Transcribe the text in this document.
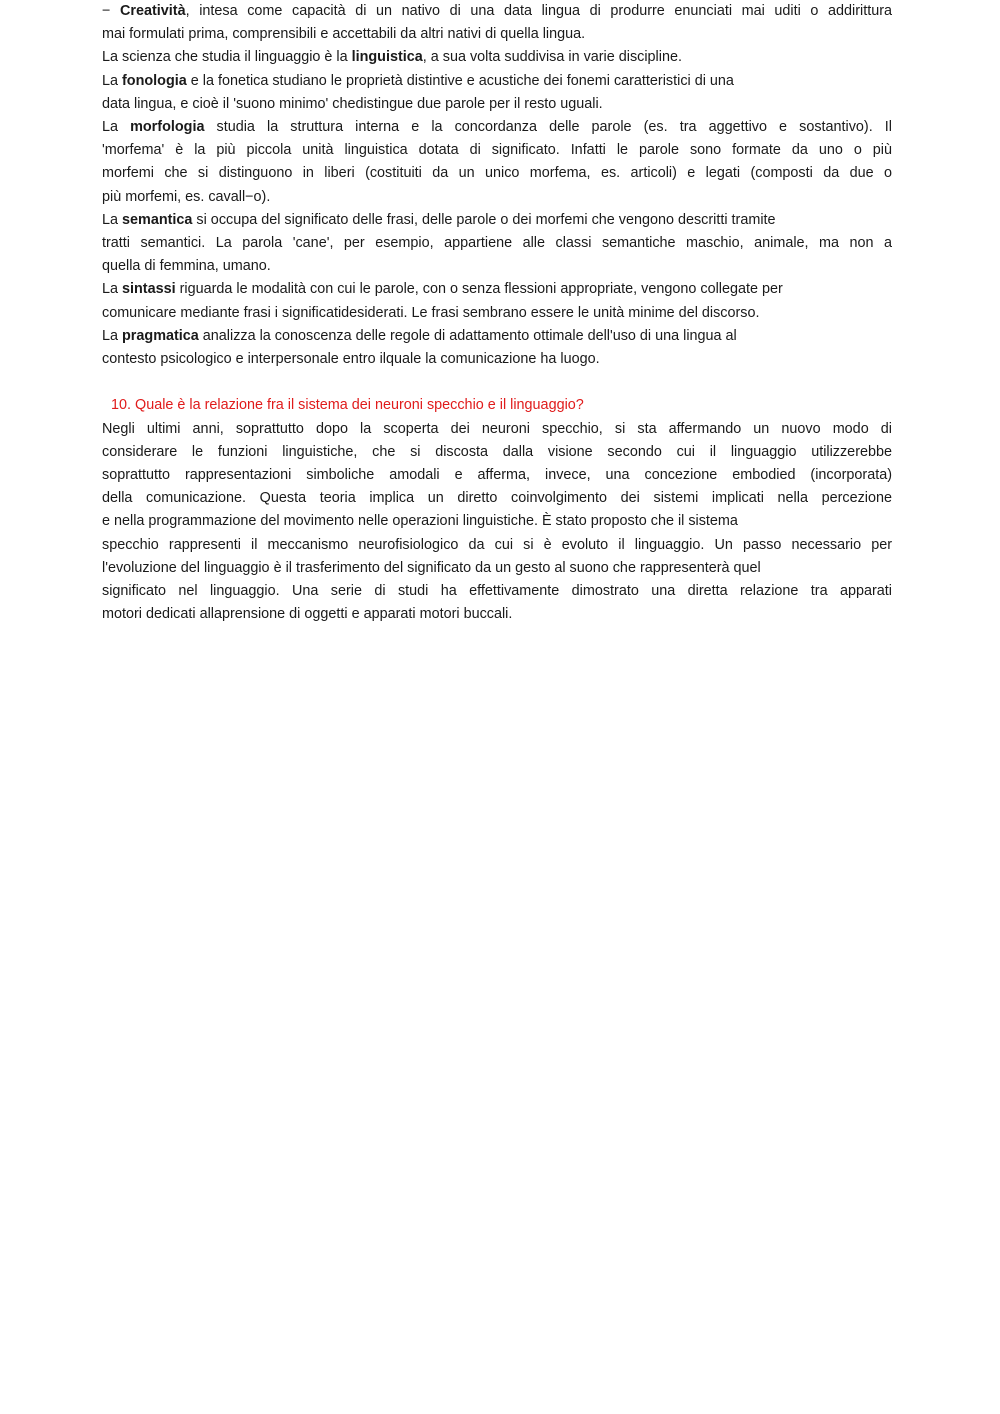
− Creatività, intesa come capacità di un nativo di una data lingua di produrre enunciati mai uditi o addirittura
mai formulati prima, comprensibili e accettabili da altri nativi di quella lingua.
La scienza che studia il linguaggio è la linguistica, a sua volta suddivisa in varie discipline.
La fonologia e la fonetica studiano le proprietà distintive e acustiche dei fonemi caratteristici di una
data lingua, e cioè il 'suono minimo' chedistingue due parole per il resto uguali.
La morfologia studia la struttura interna e la concordanza delle parole (es. tra aggettivo e sostantivo). Il
'morfema' è la più piccola unità linguistica dotata di significato. Infatti le parole sono formate da uno o più
morfemi che si distinguono in liberi (costituiti da un unico morfema, es. articoli) e legati (composti da due o
più morfemi, es. cavall−o).
La semantica si occupa del significato delle frasi, delle parole o dei morfemi che vengono descritti tramite
tratti semantici. La parola 'cane', per esempio, appartiene alle classi semantiche maschio, animale, ma non a
quella di femmina, umano.
La sintassi riguarda le modalità con cui le parole, con o senza flessioni appropriate, vengono collegate per
comunicare mediante frasi i significatidesiderati. Le frasi sembrano essere le unità minime del discorso.
La pragmatica analizza la conoscenza delle regole di adattamento ottimale dell'uso di una lingua al
contesto psicologico e interpersonale entro ilquale la comunicazione ha luogo.
10. Quale è la relazione fra il sistema dei neuroni specchio e il linguaggio?
Negli ultimi anni, soprattutto dopo la scoperta dei neuroni specchio, si sta affermando un nuovo modo di
considerare le funzioni linguistiche, che si discosta dalla visione secondo cui il linguaggio utilizzerebbe
soprattutto rappresentazioni simboliche amodali e afferma, invece, una concezione embodied (incorporata)
della comunicazione. Questa teoria implica un diretto coinvolgimento dei sistemi implicati nella percezione
e nella programmazione del movimento nelle operazioni linguistiche. È stato proposto che il sistema
specchio rappresenti il meccanismo neurofisiologico da cui si è evoluto il linguaggio. Un passo necessario per
l'evoluzione del linguaggio è il trasferimento del significato da un gesto al suono che rappresenterà quel
significato nel linguaggio. Una serie di studi ha effettivamente dimostrato una diretta relazione tra apparati
motori dedicati allaprensione di oggetti e apparati motori buccali.
